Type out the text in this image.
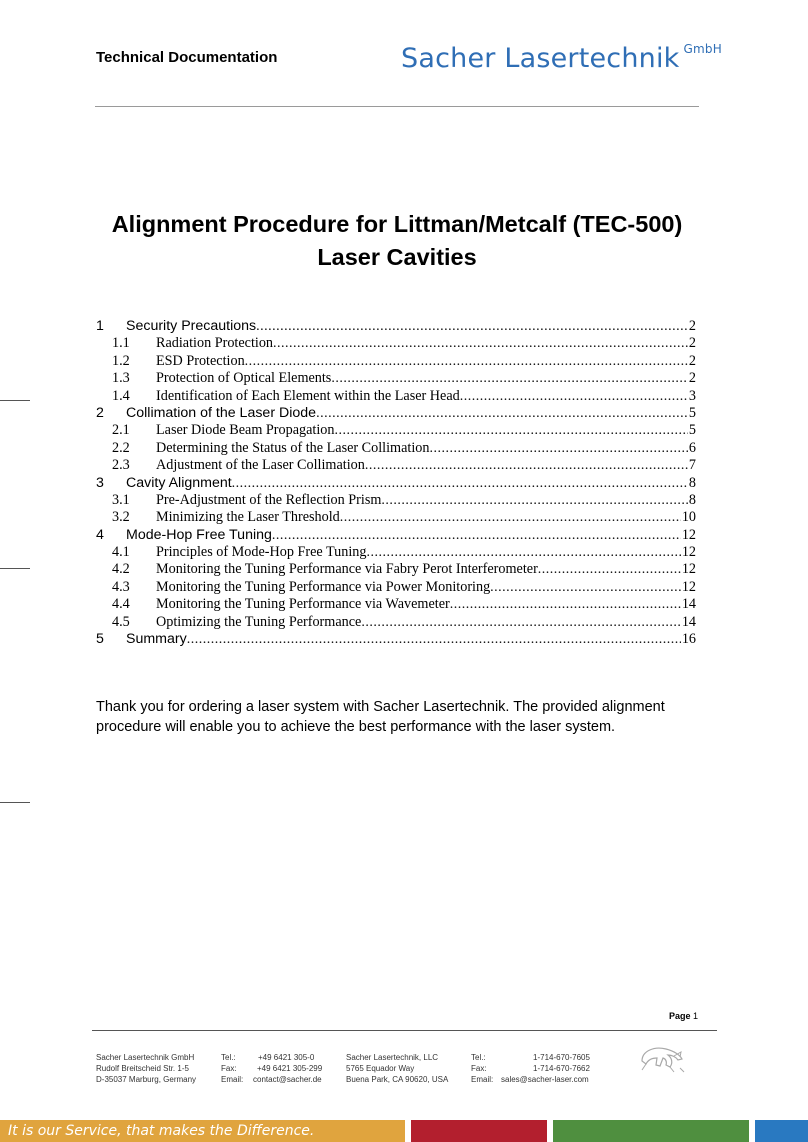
Technical Documentation	Sacher Lasertechnik $^{GmbH}$
Alignment Procedure for Littman/Metcalf (TEC-500)
Laser Cavities
1	Security Precautions .....	2
1.1	Radiation Protection .....	2
1.2	ESD Protection .....	2
1.3	Protection of Optical Elements .....	2
1.4	Identification of Each Element within the Laser Head .....	3
2	Collimation of the Laser Diode .....	5
2.1	Laser Diode Beam Propagation .....	5
2.2	Determining the Status of the Laser Collimation .....	6
2.3	Adjustment of the Laser Collimation .....	7
3	Cavity Alignment .....	8
3.1	Pre-Adjustment of the Reflection Prism .....	8
3.2	Minimizing the Laser Threshold .....	10
4	Mode-Hop Free Tuning .....	12
4.1	Principles of Mode-Hop Free Tuning .....	12
4.2	Monitoring the Tuning Performance via Fabry Perot Interferometer .....	12
4.3	Monitoring the Tuning Performance via Power Monitoring .....	12
4.4	Monitoring the Tuning Performance via Wavemeter .....	14
4.5	Optimizing the Tuning Performance .....	14
5	Summary .....	16
Thank you for ordering a laser system with Sacher Lasertechnik. The provided alignment
procedure will enable you to achieve the best performance with the laser system.
Page 1
Sacher Lasertechnik GmbH
Rudolf Breitscheid Str. 1-5
D-35037 Marburg, Germany
Tel.:	+49 6421 305-0
Fax:	+49 6421 305-299
Email:	contact@sacher.de
Sacher Lasertechnik, LLC
5765 Equador Way
Buena Park, CA 90620, USA
Tel.:	1-714-670-7605
Fax:	1-714-670-7662
Email: sales@sacher-laser.com
It is our Service, that makes the Difference.
